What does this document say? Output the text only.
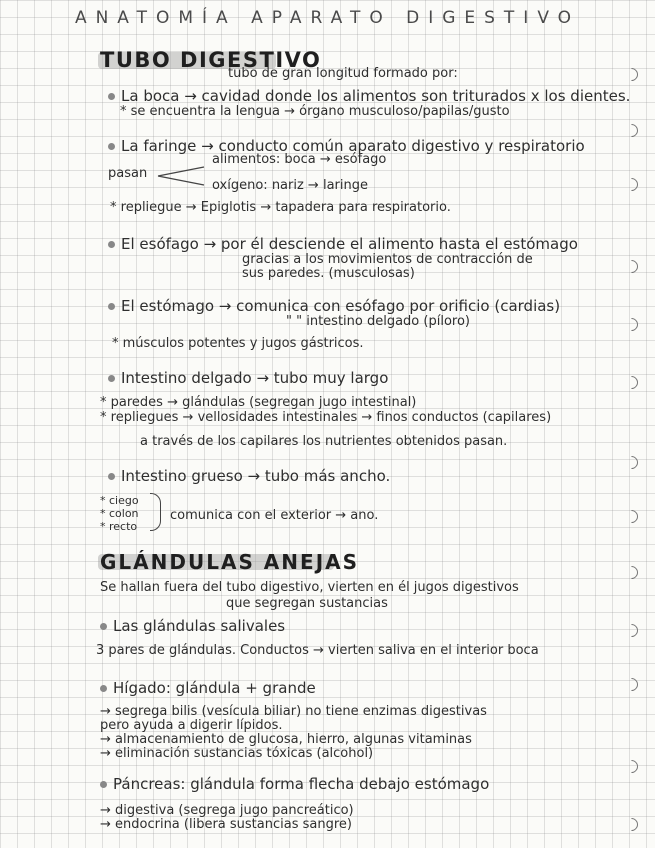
ANATOMÍA APARATO DIGESTIVO
TUBO DIGESTIVO
tubo de gran longitud formado por:
La boca → cavidad donde los alimentos son triturados x los dientes.
* se encuentra la lengua → órgano musculoso/papilas/gusto
La faringe → conducto común aparato digestivo y respiratorio
alimentos: boca → esófago
pasan
oxígeno: nariz → laringe
* repliegue → Epiglotis → tapadera para respiratorio.
El esófago → por él desciende el alimento hasta el estómago
gracias a los movimientos de contracción de
sus paredes. (musculosas)
El estómago → comunica con esófago por orificio (cardias)
" " intestino delgado (píloro)
* músculos potentes y jugos gástricos.
Intestino delgado → tubo muy largo
* paredes → glándulas (segregan jugo intestinal)
* repliegues → vellosidades intestinales → finos conductos (capilares)
a través de los capilares los nutrientes obtenidos pasan.
Intestino grueso → tubo más ancho.
* ciego
* colon
* recto
comunica con el exterior → ano.
GLÁNDULAS ANEJAS
Se hallan fuera del tubo digestivo, vierten en él jugos digestivos
que segregan sustancias
Las glándulas salivales
3 pares de glándulas. Conductos → vierten saliva en el interior boca
Hígado: glándula + grande
→ segrega bilis (vesícula biliar) no tiene enzimas digestivas
pero ayuda a digerir lípidos.
→ almacenamiento de glucosa, hierro, algunas vitaminas
→ eliminación sustancias tóxicas (alcohol)
Páncreas: glándula forma flecha debajo estómago
→ digestiva (segrega jugo pancreático)
→ endocrina (libera sustancias sangre)
